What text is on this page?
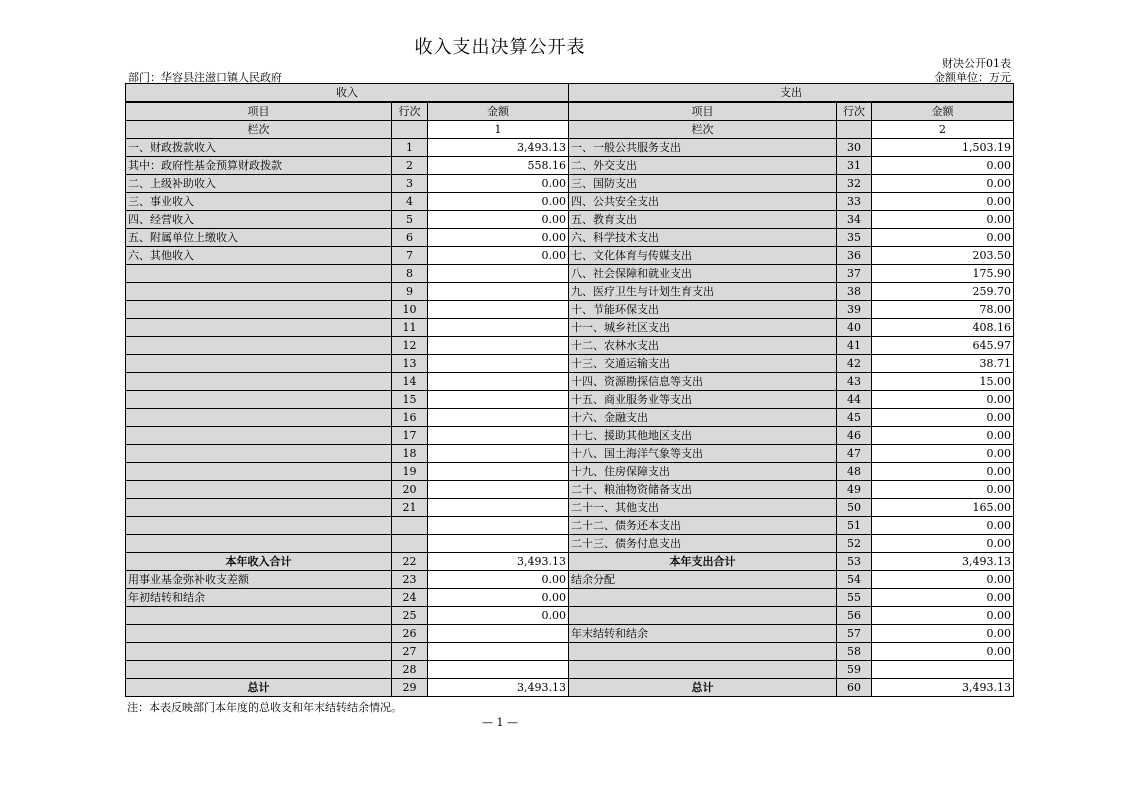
收入支出决算公开表
财决公开01表
部门：华容县注滋口镇人民政府	金额单位：万元
收入			支出		
项目	行次	金额	项目	行次	金额
栏次		1	栏次		2
一、财政拨款收入	1	3,493.13	一、一般公共服务支出	30	1,503.19
其中：政府性基金预算财政拨款	2	558.16	二、外交支出	31	0.00
二、上级补助收入	3	0.00	三、国防支出	32	0.00
三、事业收入	4	0.00	四、公共安全支出	33	0.00
四、经营收入	5	0.00	五、教育支出	34	0.00
五、附属单位上缴收入	6	0.00	六、科学技术支出	35	0.00
六、其他收入	7	0.00	七、文化体育与传媒支出	36	203.50
	8		八、社会保障和就业支出	37	175.90
	9		九、医疗卫生与计划生育支出	38	259.70
	10		十、节能环保支出	39	78.00
	11		十一、城乡社区支出	40	408.16
	12		十二、农林水支出	41	645.97
	13		十三、交通运输支出	42	38.71
	14		十四、资源勘探信息等支出	43	15.00
	15		十五、商业服务业等支出	44	0.00
	16		十六、金融支出	45	0.00
	17		十七、援助其他地区支出	46	0.00
	18		十八、国土海洋气象等支出	47	0.00
	19		十九、住房保障支出	48	0.00
	20		二十、粮油物资储备支出	49	0.00
	21		二十一、其他支出	50	165.00
			二十二、债务还本支出	51	0.00
			二十三、债务付息支出	52	0.00
本年收入合计	22	3,493.13	本年支出合计	53	3,493.13
用事业基金弥补收支差额	23	0.00	结余分配	54	0.00
年初结转和结余	24	0.00		55	0.00
	25	0.00		56	0.00
	26		年末结转和结余	57	0.00
	27			58	0.00
	28			59	
总计	29	3,493.13	总计	60	3,493.13
注：本表反映部门本年度的总收支和年末结转结余情况。
— 1 —
